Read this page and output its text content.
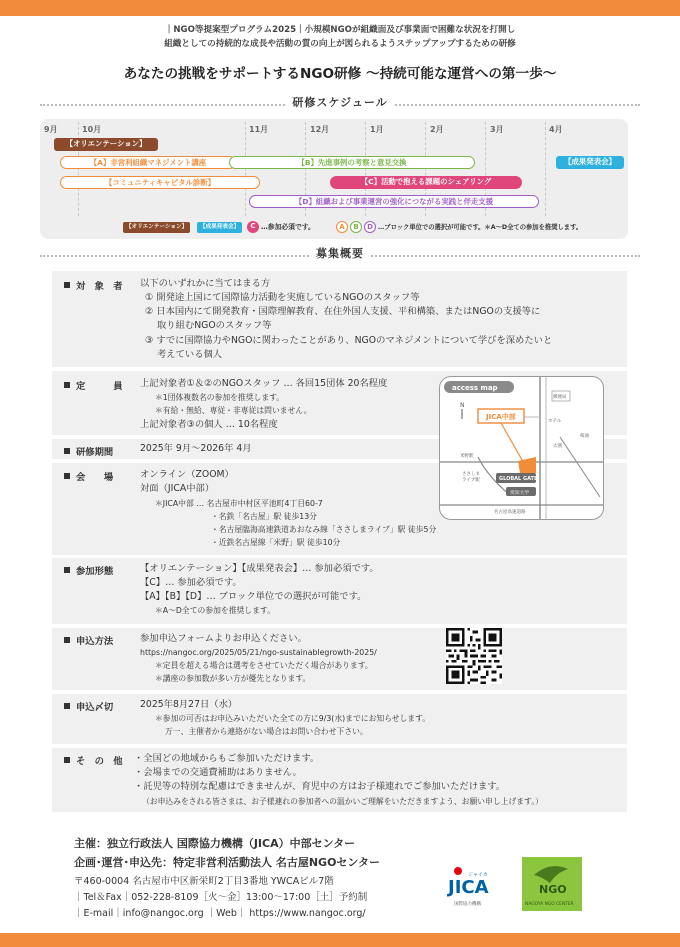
｜NGO等提案型プログラム2025｜小規模NGOが組織面及び事業面で困難な状況を打開し
組織としての持続的な成長や活動の質の向上が図られるようステップアップするための研修
あなたの挑戦をサポートするNGO研修 ～持続可能な運営への第一歩～
研修スケジュール
9月	10月	11月	12月	1月	2月	3月	4月
【オリエンテーション】
【A】非営利組織マネジメント講座	【B】先進事例の考察と意見交換	【成果発表会】
【コミュニティキャピタル診断】	【C】活動で抱える課題のシェアリング
【D】組織および事業運営の強化につながる実践と伴走支援
【オリエンテーション】	【成果発表会】	C …参加必須です。	A	B	D …ブロック単位での選択が可能です。＊A～D全ての参加を推奨します。
募集概要
対　象　者 以下のいずれかに当てはまる方
① 開発途上国にて国際協力活動を実施しているNGOのスタッフ等
② 日本国内にて開発教育・国際理解教育、在住外国人支援、平和構築、またはNGOの支援等に
取り組むNGOのスタッフ等
③ すでに国際協力やNGOに関わったことがあり、NGOのマネジメントについて学びを深めたいと
考えている個人
定　　　員 上記対象者①＆②のNGOスタッフ … 各回15団体 20名程度
＊1団体複数名の参加を推奨します。
＊有給・無給、専従・非専従は問いません。
上記対象者③の個人 … 10名程度
研修期間	2025年 9月～2026年 4月
会　　場	オンライン（ZOOM）
対面（JICA中部）
＊JICA中部 … 名古屋市中村区平池町4丁目60-7
・名鉄「名古屋」駅 徒歩13分
・名古屋臨海高速鉄道あおなみ線「ささしまライブ」駅 徒歩5分
・近鉄名古屋線「米野」駅 徒歩10分
access map
N
郵便局
ホテル
太閤
桜通
米野駅
ささしま
ライブ駅
名古屋高速道路
JICA中部
GLOBAL GATE
愛知大学
参加形態	【オリエンテーション】【成果発表会】… 参加必須です。
【C】… 参加必須です。
【A】【B】【D】… ブロック単位での選択が可能です。
＊A～D全ての参加を推奨します。
申込方法	参加申込フォームよりお申込ください。
https://nangoc.org/2025/05/21/ngo-sustainablegrowth-2025/
＊定員を超える場合は選考をさせていただく場合があります。
＊講座の参加数が多い方が優先となります。
申込〆切	2025年8月27日（水）
＊参加の可否はお申込みいただいた全ての方に9/3(水)までにお知らせします。
万一、主催者から連絡がない場合はお問い合わせ下さい。
そ　の　他 ・全国どの地域からもご参加いただけます。
・会場までの交通費補助はありません。
・託児等の特別な配慮はできませんが、育児中の方はお子様連れでご参加いただけます。
（お申込みをされる皆さまは、お子様連れの参加者への温かいご理解をいただきますよう、お願い申し上げます。）
主催：独立行政法人 国際協力機構（JICA）中部センター
企画･運営･申込先：特定非営利活動法人 名古屋NGOセンター
〒460-0004 名古屋市中区新栄町2丁目3番地 YWCAビル7階
｜Tel＆Fax｜052-228-8109［火～金］13:00～17:00［土］予約制
｜E-mail｜info@nangoc.org ｜Web｜ https://www.nangoc.org/
ジャイカ
JICA
国際協力機構
NGO
NAGOYA NGO CENTER
